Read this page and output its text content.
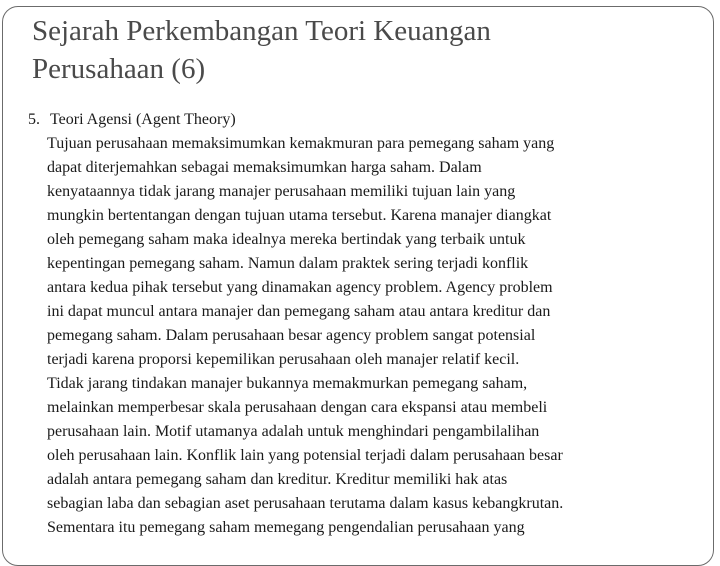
Sejarah Perkembangan Teori Keuangan
Perusahaan (6)

5. Teori Agensi (Agent Theory)

Tujuan perusahaan memaksimumkan kemakmuran para pemegang saham yang
dapat diterjemahkan sebagai memaksimumkan harga saham. Dalam
kenyataannya tidak jarang manajer perusahaan memiliki tujuan lain yang
mungkin bertentangan dengan tujuan utama tersebut. Karena manajer diangkat
oleh pemegang saham maka idealnya mereka bertindak yang terbaik untuk
kepentingan pemegang saham. Namun dalam praktek sering terjadi konflik
antara kedua pihak tersebut yang dinamakan agency problem. Agency problem
ini dapat muncul antara manajer dan pemegang saham atau antara kreditur dan
pemegang saham. Dalam perusahaan besar agency problem sangat potensial
terjadi karena proporsi kepemilikan perusahaan oleh manajer relatif kecil.
Tidak jarang tindakan manajer bukannya memakmurkan pemegang saham,
melainkan memperbesar skala perusahaan dengan cara ekspansi atau membeli
perusahaan lain. Motif utamanya adalah untuk menghindari pengambilalihan
oleh perusahaan lain. Konflik lain yang potensial terjadi dalam perusahaan besar
adalah antara pemegang saham dan kreditur. Kreditur memiliki hak atas
sebagian laba dan sebagian aset perusahaan terutama dalam kasus kebangkrutan.
Sementara itu pemegang saham memegang pengendalian perusahaan yang
